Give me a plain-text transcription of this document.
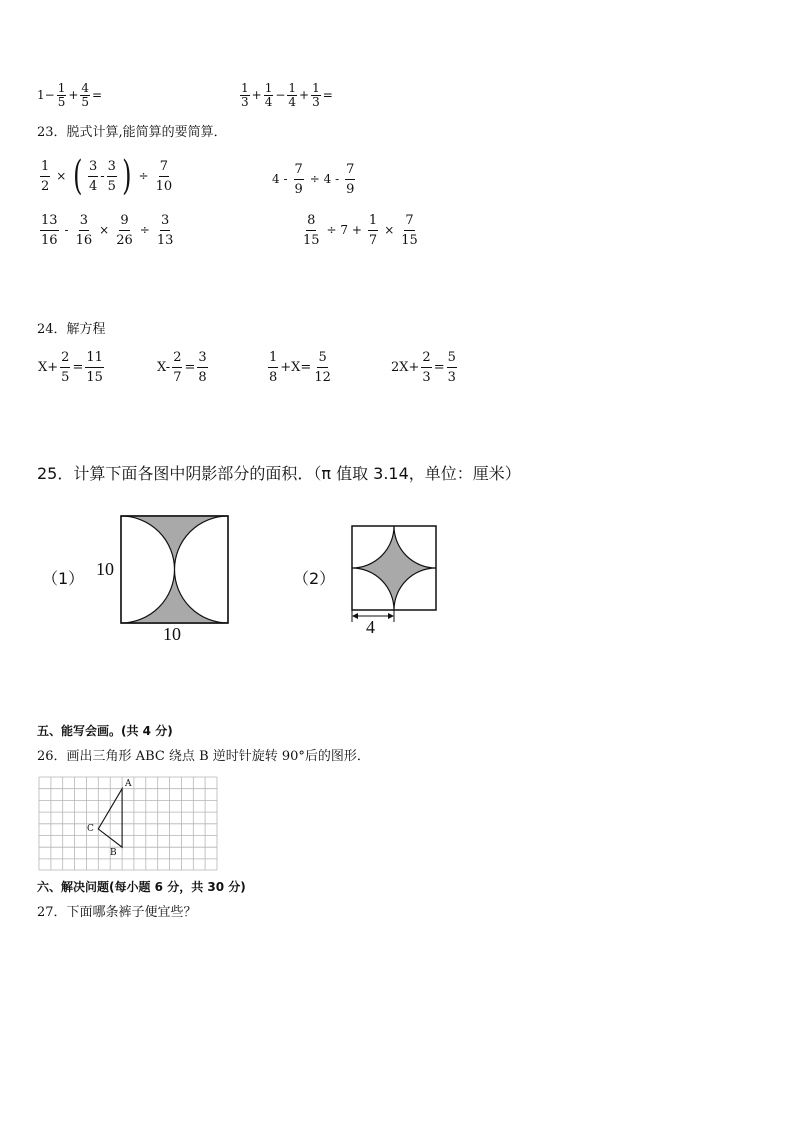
$1- \frac{1}{5} + \frac{4}{5}$ =	$\frac{1}{3} + \frac{1}{4} - \frac{1}{4} + \frac{1}{3}$ =
23．脱式计算,能简算的要简算．
$\frac{1}{2}$ × ( $\frac{3}{4} - \frac{3}{5}$ ) ÷ $\frac{7}{10}$	$4 - \frac{7}{9} \div 4 - \frac{7}{9}$
$\frac{13}{16} - \frac{3}{16} \times \frac{9}{26} \div \frac{3}{13}$	$\frac{8}{15} \div 7 + \frac{1}{7} \times \frac{7}{15}$
24．解方程
$X+ \frac{2}{5} = \frac{11}{15}$	$X- \frac{2}{7} = \frac{3}{8}$	$\frac{1}{8} +X= \frac{5}{12}$	$2X+ \frac{2}{3} = \frac{5}{3}$
25．计算下面各图中阴影部分的面积．（π 值取 3.14，单位：厘米）
（1） 10
10
（2）
4
五、能写会画。(共 4 分)
26．画出三角形 ABC 绕点 B 逆时针旋转 90°后的图形．
A
B
C
六、解决问题(每小题 6 分，共 30 分)
27．下面哪条裤子便宜些？
